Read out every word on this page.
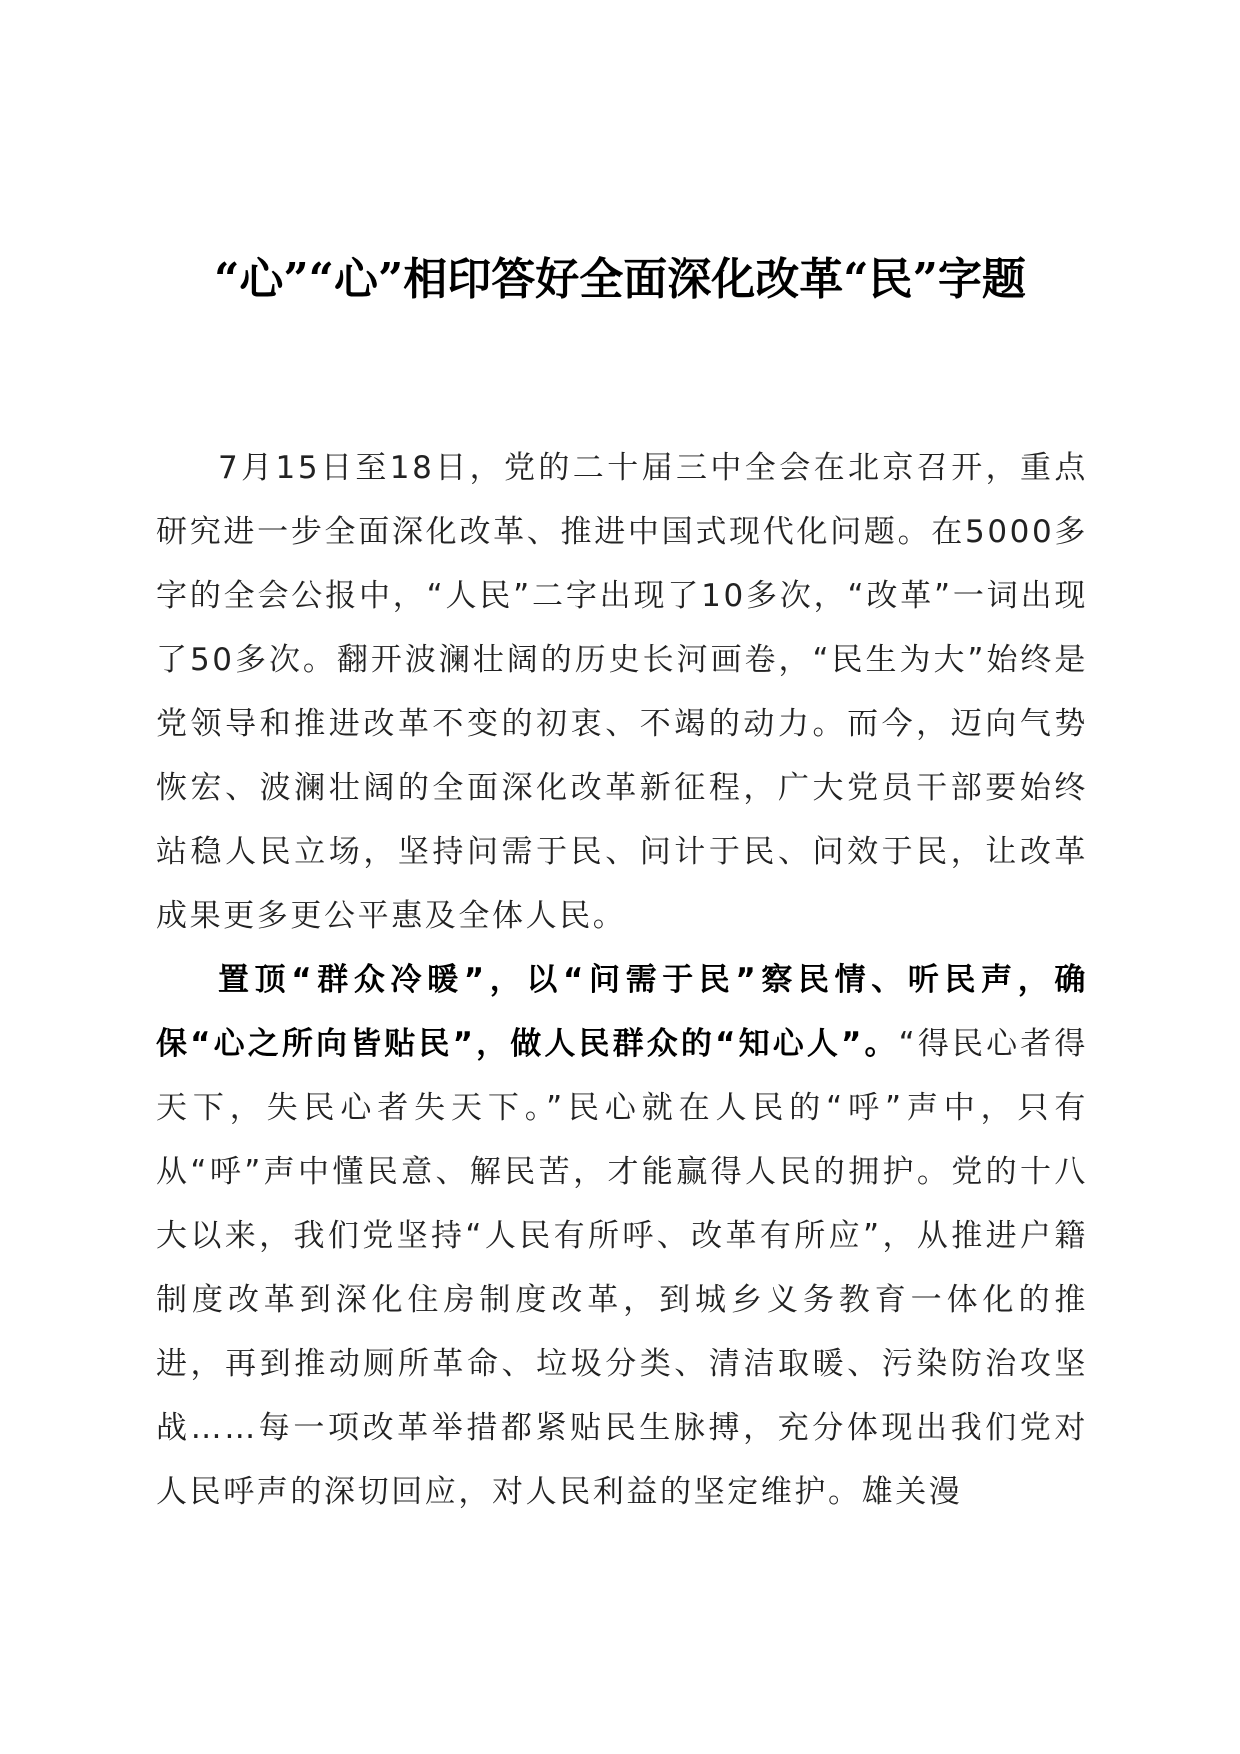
“心”“心”相印答好全面深化改革“民”字题

7月15日至18日，党的二十届三中全会在北京召开，重点研究进一步全面深化改革、推进中国式现代化问题。在5000多字的全会公报中，“人民”二字出现了10多次，“改革”一词出现了50多次。翻开波澜壮阔的历史长河画卷，“民生为大”始终是党领导和推进改革不变的初衷、不竭的动力。而今，迈向气势恢宏、波澜壮阔的全面深化改革新征程，广大党员干部要始终站稳人民立场，坚持问需于民、问计于民、问效于民，让改革成果更多更公平惠及全体人民。

置顶“群众冷暖”，以“问需于民”察民情、听民声，确保“心之所向皆贴民”，做人民群众的“知心人”。“得民心者得天下，失民心者失天下。”民心就在人民的“呼”声中，只有从“呼”声中懂民意、解民苦，才能赢得人民的拥护。党的十八大以来，我们党坚持“人民有所呼、改革有所应”，从推进户籍制度改革到深化住房制度改革，到城乡义务教育一体化的推进，再到推动厕所革命、垃圾分类、清洁取暖、污染防治攻坚战……每一项改革举措都紧贴民生脉搏，充分体现出我们党对人民呼声的深切回应，对人民利益的坚定维护。雄关漫
